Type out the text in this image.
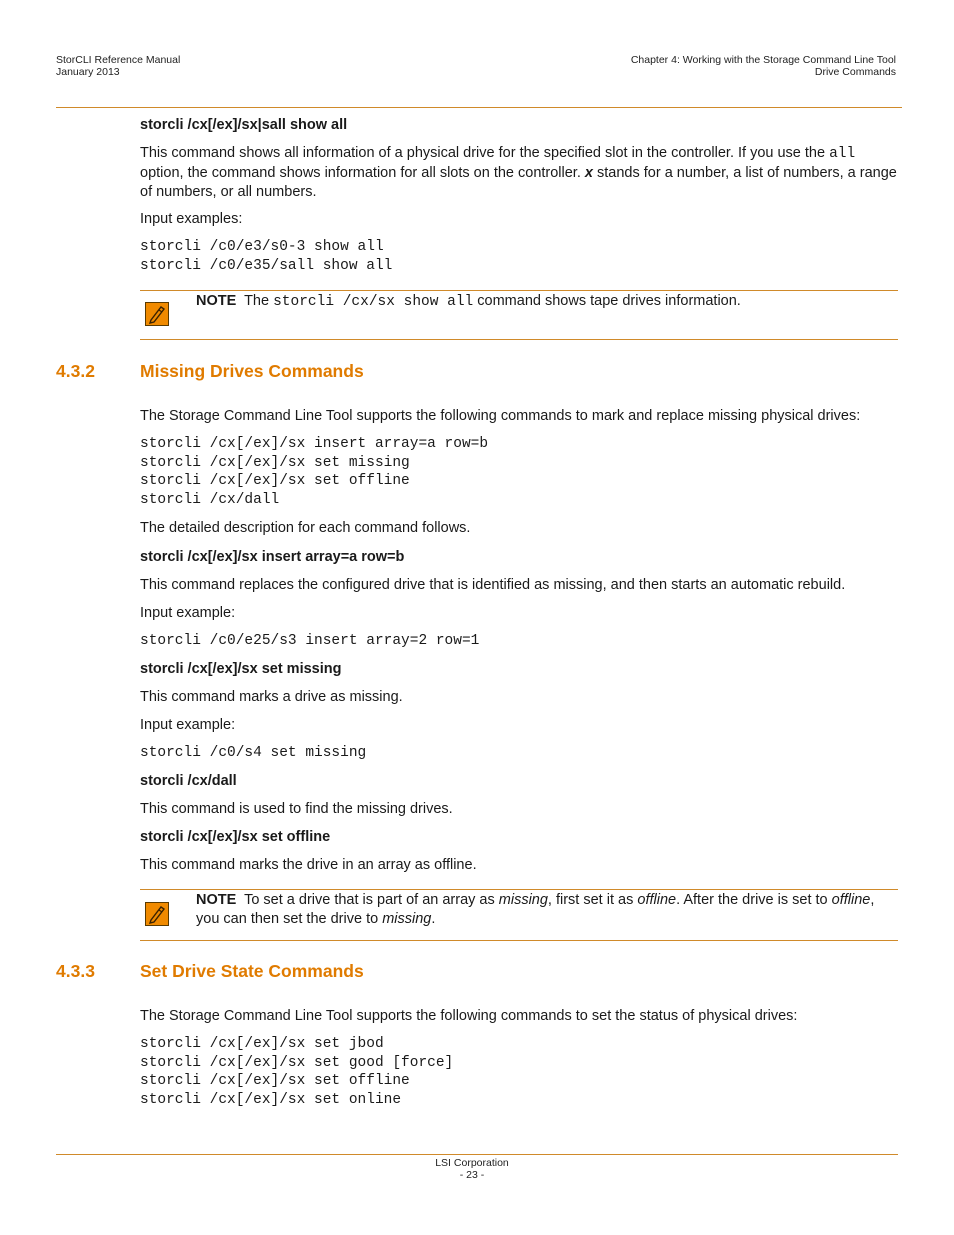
StorCLI Reference Manual
January 2013
Chapter 4: Working with the Storage Command Line Tool
Drive Commands
storcli /cx[/ex]/sx|sall show all
This command shows all information of a physical drive for the specified slot in the controller. If you use the all option, the command shows information for all slots on the controller. x stands for a number, a list of numbers, a range of numbers, or all numbers.
Input examples:
storcli /c0/e3/s0-3 show all
storcli /c0/e35/sall show all
NOTE The storcli /cx/sx show all command shows tape drives information.
4.3.2	Missing Drives Commands
The Storage Command Line Tool supports the following commands to mark and replace missing physical drives:
storcli /cx[/ex]/sx insert array=a row=b
storcli /cx[/ex]/sx set missing
storcli /cx[/ex]/sx set offline
storcli /cx/dall
The detailed description for each command follows.
storcli /cx[/ex]/sx insert array=a row=b
This command replaces the configured drive that is identified as missing, and then starts an automatic rebuild.
Input example:
storcli /c0/e25/s3 insert array=2 row=1
storcli /cx[/ex]/sx set missing
This command marks a drive as missing.
Input example:
storcli /c0/s4 set missing
storcli /cx/dall
This command is used to find the missing drives.
storcli /cx[/ex]/sx set offline
This command marks the drive in an array as offline.
NOTE To set a drive that is part of an array as missing, first set it as offline. After the drive is set to offline, you can then set the drive to missing.
4.3.3	Set Drive State Commands
The Storage Command Line Tool supports the following commands to set the status of physical drives:
storcli /cx[/ex]/sx set jbod
storcli /cx[/ex]/sx set good [force]
storcli /cx[/ex]/sx set offline
storcli /cx[/ex]/sx set online
LSI Corporation
- 23 -
